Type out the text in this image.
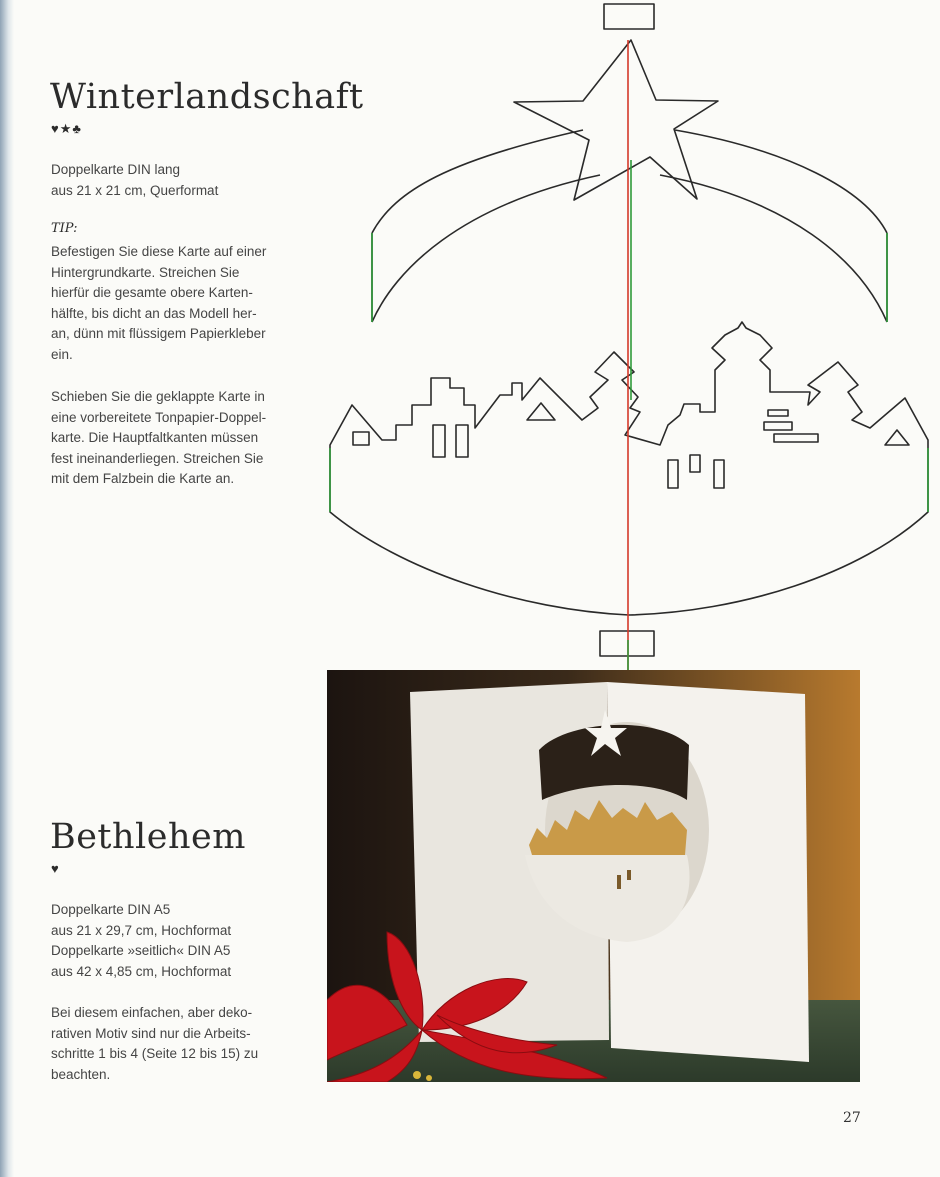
Winterlandschaft
♥★♣
Doppelkarte DIN lang
aus 21 x 21 cm, Querformat
TIP:
Befestigen Sie diese Karte auf einer
Hintergrundkarte. Streichen Sie
hierfür die gesamte obere Karten-
hälfte, bis dicht an das Modell her-
an, dünn mit flüssigem Papierkleber
ein.
Schieben Sie die geklappte Karte in
eine vorbereitete Tonpapier-Doppel-
karte. Die Hauptfaltkanten müssen
fest ineinanderliegen. Streichen Sie
mit dem Falzbein die Karte an.
Bethlehem
♥
Doppelkarte DIN A5
aus 21 x 29,7 cm, Hochformat
Doppelkarte »seitlich« DIN A5
aus 42 x 4,85 cm, Hochformat
Bei diesem einfachen, aber deko-
rativen Motiv sind nur die Arbeits-
schritte 1 bis 4 (Seite 12 bis 15) zu
beachten.
27
